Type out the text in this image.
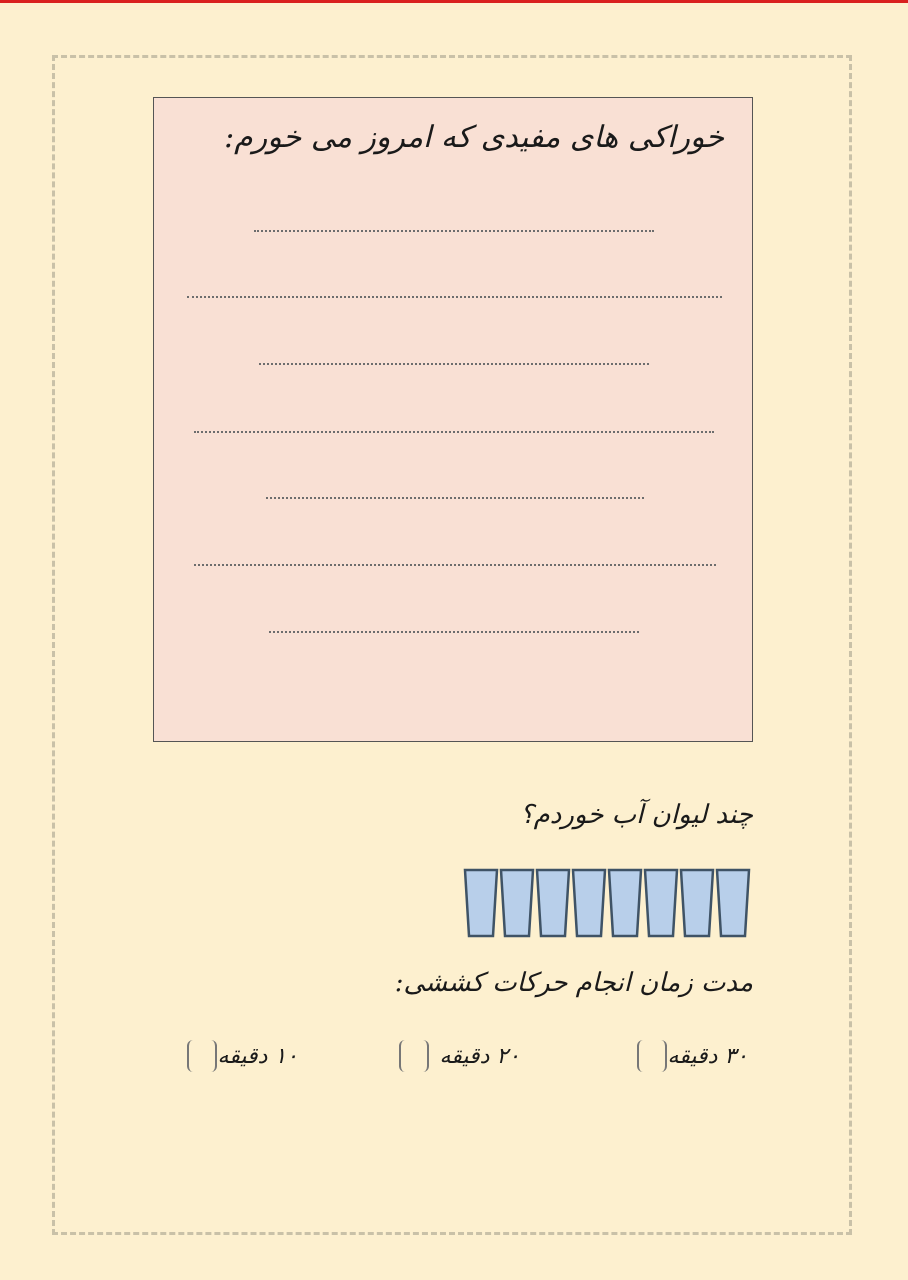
خوراکی های مفیدی که امروز می خورم:
چند لیوان آب خوردم؟
مدت زمان انجام حرکات کششی:
۳۰ دقیقه
۲۰ دقیقه
۱۰ دقیقه
